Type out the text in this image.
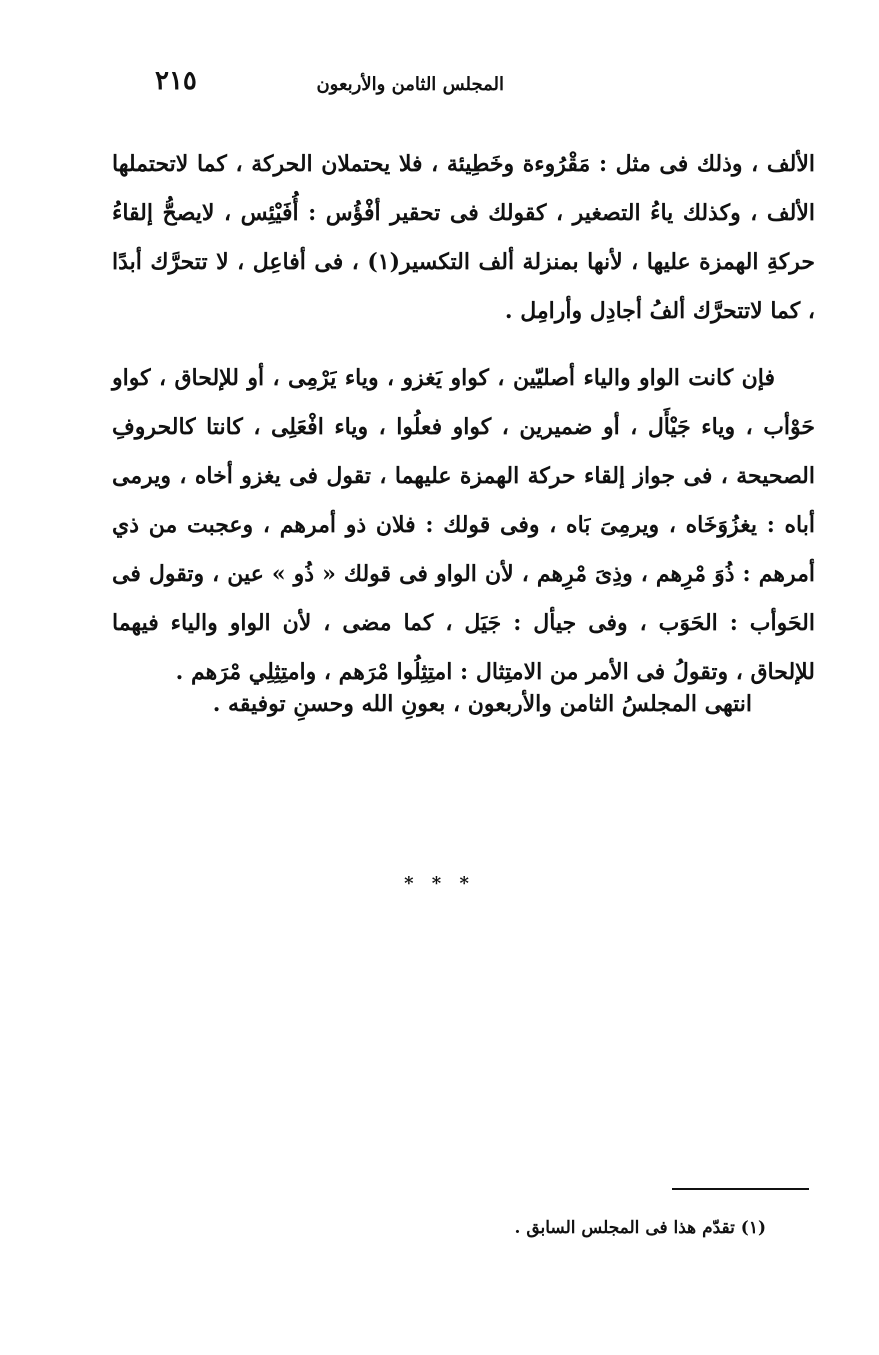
٢١٥	المجلس الثامن والأربعون

الألف ، وذلك فى مثل : مَقْرُوءة وخَطِيئة ، فلا يحتملان الحركة ، كما لاتحتملها الألف ، وكذلك ياءُ التصغير ، كقولك فى تحقير أفْؤُس : أُفَيْئِس ، لايصحُّ إلقاءُ حركةِ الهمزة عليها ، لأنها بمنزلة ألف التكسير(١) ، فى أفاعِل ، لا تتحرَّك أبدًا ، كما لاتتحرَّك ألفُ أجادِل وأرامِل .

فإن كانت الواو والياء أصليّين ، كواو يَغزو ، وياء يَرْمِى ، أو للإلحاق ، كواو حَوْأب ، وياء جَيْأَل ، أو ضميرين ، كواو فعلُوا ، وياء افْعَلِى ، كانتا كالحروفِ الصحيحة ، فى جواز إلقاء حركة الهمزة عليهما ، تقول فى يغزو أخاه ، ويرمى أباه : يغزُوَخَاه ، ويرمِىَ بَاه ، وفى قولك : فلان ذو أمرهم ، وعجبت من ذي أمرهم : ذُوَ مْرِهم ، وذِىَ مْرِهم ، لأن الواو فى قولك « ذُو » عين ، وتقول فى الحَوأب : الحَوَب ، وفى جيأل : جَيَل ، كما مضى ، لأن الواو والياء فيهما للإلحاق ، وتقولُ فى الأمر من الامتِثال : امتِثِلُوا مْرَهم ، وامتِثِلِي مْرَهم .

انتهى المجلسُ الثامن والأربعون ، بعونِ الله وحسنِ توفيقه .
* * *
(١) تقدّم هذا فى المجلس السابق .
